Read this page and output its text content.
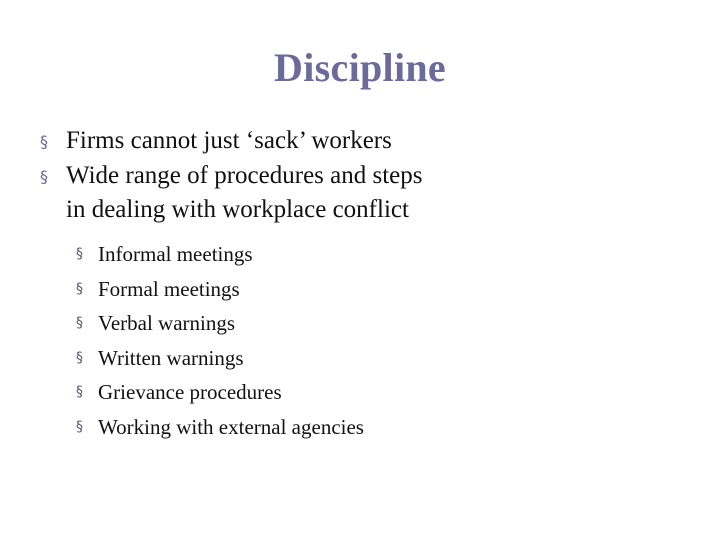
Discipline
§ Firms cannot just ‘sack’ workers
§ Wide range of procedures and steps
in dealing with workplace conflict
§ Informal meetings
§ Formal meetings
§ Verbal warnings
§ Written warnings
§ Grievance procedures
§ Working with external agencies
